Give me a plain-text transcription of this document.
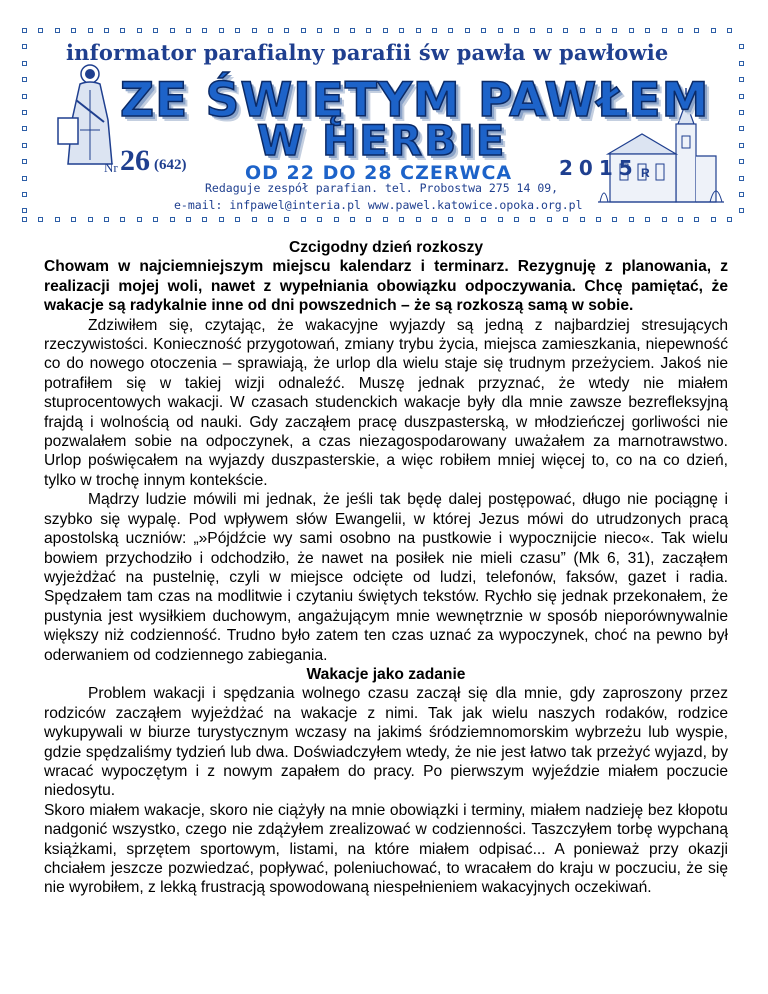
informator parafialny parafii św pawła w pawłowie
ZE ŚWIĘTYM PAWŁEM
W HERBIE
Nr 26 (642)	OD 22 DO 28 CZERWCA 2015 R
Redaguje zespół parafian. tel. Probostwa 275 14 09,
e-mail: infpawel@interia.pl www.pawel.katowice.opoka.org.pl

Czcigodny dzień rozkoszy

Chowam w najciemniejszym miejscu kalendarz i terminarz. Rezygnuję z planowania, z realizacji mojej woli, nawet z wypełniania obowiązku odpoczywania. Chcę pamiętać, że wakacje są radykalnie inne od dni powszednich – że są rozkoszą samą w sobie.

Zdziwiłem się, czytając, że wakacyjne wyjazdy są jedną z najbardziej stresujących rzeczywistości. Konieczność przygotowań, zmiany trybu życia, miejsca zamieszkania, niepewność co do nowego otoczenia – sprawiają, że urlop dla wielu staje się trudnym przeżyciem. Jakoś nie potrafiłem się w takiej wizji odnaleźć. Muszę jednak przyznać, że wtedy nie miałem stuprocentowych wakacji. W czasach studenckich wakacje były dla mnie zawsze bezrefleksyjną frajdą i wolnością od nauki. Gdy zacząłem pracę duszpasterską, w młodzieńczej gorliwości nie pozwalałem sobie na odpoczynek, a czas niezagospodarowany uważałem za marnotrawstwo. Urlop poświęcałem na wyjazdy duszpasterskie, a więc robiłem mniej więcej to, co na co dzień, tylko w trochę innym kontekście.

Mądrzy ludzie mówili mi jednak, że jeśli tak będę dalej postępować, długo nie pociągnę i szybko się wypalę. Pod wpływem słów Ewangelii, w której Jezus mówi do utrudzonych pracą apostolską uczniów: „»Pójdźcie wy sami osobno na pustkowie i wypocznijcie nieco«. Tak wielu bowiem przychodziło i odchodziło, że nawet na posiłek nie mieli czasu” (Mk 6, 31), zacząłem wyjeżdżać na pustelnię, czyli w miejsce odcięte od ludzi, telefonów, faksów, gazet i radia. Spędzałem tam czas na modlitwie i czytaniu świętych tekstów. Rychło się jednak przekonałem, że pustynia jest wysiłkiem duchowym, angażującym mnie wewnętrznie w sposób nieporównywalnie większy niż codzienność. Trudno było zatem ten czas uznać za wypoczynek, choć na pewno był oderwaniem od codziennego zabiegania.

Wakacje jako zadanie

Problem wakacji i spędzania wolnego czasu zaczął się dla mnie, gdy zaproszony przez rodziców zacząłem wyjeżdżać na wakacje z nimi. Tak jak wielu naszych rodaków, rodzice wykupywali w biurze turystycznym wczasy na jakimś śródziemnomorskim wybrzeżu lub wyspie, gdzie spędzaliśmy tydzień lub dwa. Doświadczyłem wtedy, że nie jest łatwo tak przeżyć wyjazd, by wracać wypoczętym i z nowym zapałem do pracy. Po pierwszym wyjeździe miałem poczucie niedosytu.

Skoro miałem wakacje, skoro nie ciążyły na mnie obowiązki i terminy, miałem nadzieję bez kłopotu nadgonić wszystko, czego nie zdążyłem zrealizować w codzienności. Taszczyłem torbę wypchaną książkami, sprzętem sportowym, listami, na które miałem odpisać... A ponieważ przy okazji chciałem jeszcze pozwiedzać, popływać, poleniuchować, to wracałem do kraju w poczuciu, że się nie wyrobiłem, z lekką frustracją spowodowaną niespełnieniem wakacyjnych oczekiwań.
